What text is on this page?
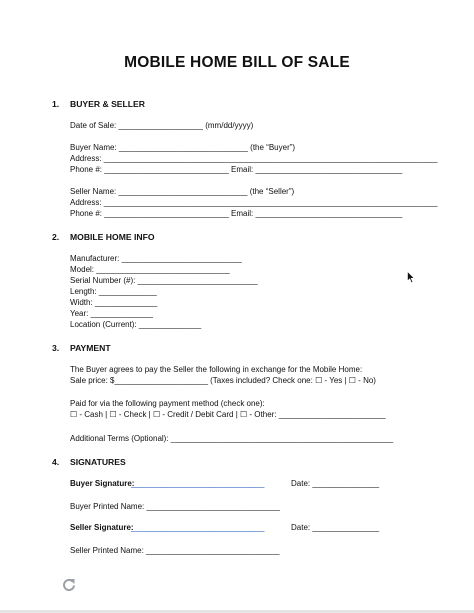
MOBILE HOME BILL OF SALE
1. BUYER & SELLER
Date of Sale: ___________________ (mm/dd/yyyy)
Buyer Name: _____________________________ (the “Buyer”)
Address: ___________________________________________________________________________
Phone #: ____________________________ Email: _________________________________
Seller Name: _____________________________ (the “Seller”)
Address: ___________________________________________________________________________
Phone #: ____________________________ Email: _________________________________
2. MOBILE HOME INFO
Manufacturer: ___________________________
Model: ______________________________
Serial Number (#): ___________________________
Length: _____________
Width: ______________
Year: ______________
Location (Current): ______________
3. PAYMENT
The Buyer agrees to pay the Seller the following in exchange for the Mobile Home:
Sale price: $_____________________ (Taxes included? Check one: ☐ - Yes | ☐ - No)
Paid for via the following payment method (check one):
☐ - Cash | ☐ - Check | ☐ - Credit / Debit Card | ☐ - Other: ________________________
Additional Terms (Optional): __________________________________________________
4. SIGNATURES
Buyer Signature:
______________________________	Date: _______________
Buyer Printed Name: ______________________________
Seller Signature:
______________________________	Date: _______________
Seller Printed Name: ______________________________
